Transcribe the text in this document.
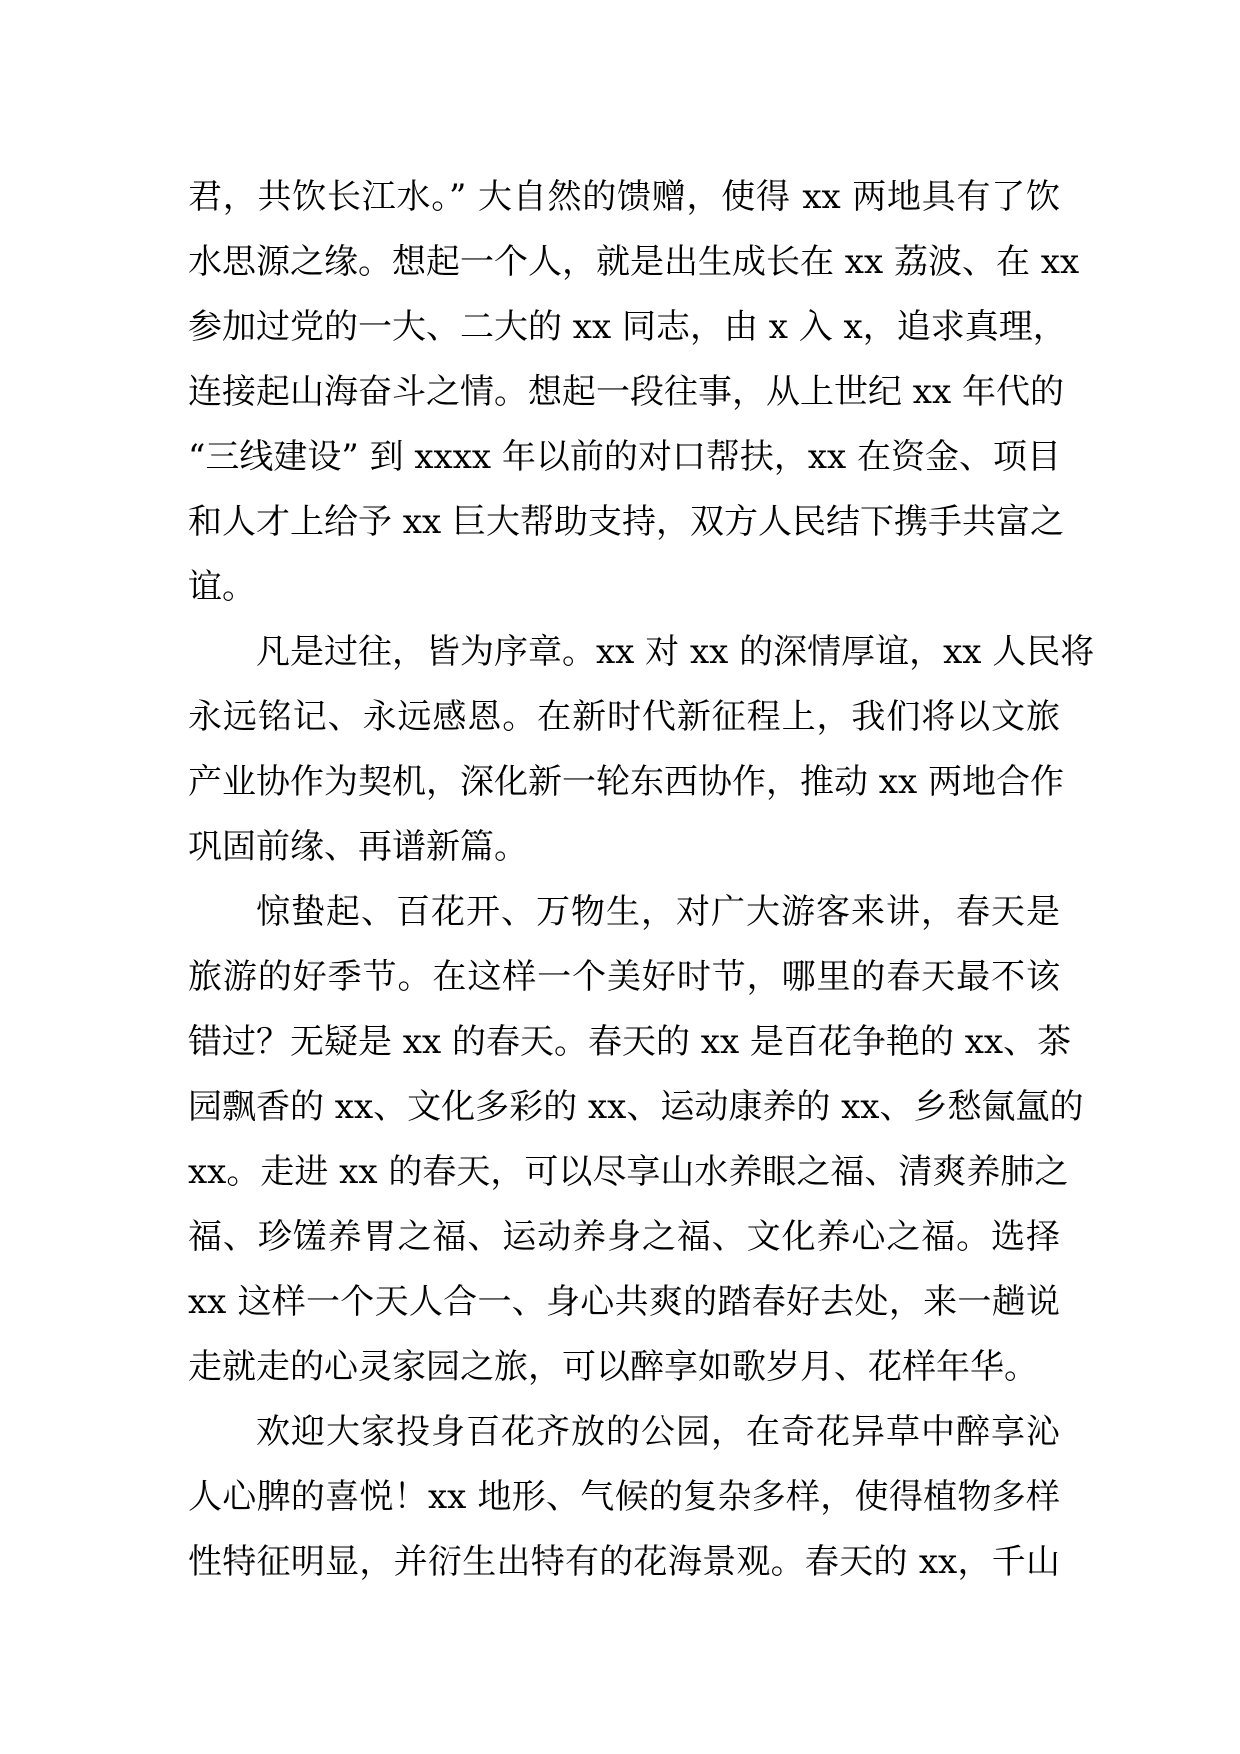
君，共饮长江水。” 大自然的馈赠，使得 xx 两地具有了饮
水思源之缘。想起一个人，就是出生成长在 xx 荔波、在 xx
参加过党的一大、二大的 xx 同志，由 x 入 x，追求真理，
连接起山海奋斗之情。想起一段往事，从上世纪 xx 年代的
“三线建设” 到 xxxx 年以前的对口帮扶，xx 在资金、项目
和人才上给予 xx 巨大帮助支持，双方人民结下携手共富之
谊。
凡是过往，皆为序章。xx 对 xx 的深情厚谊，xx 人民将
永远铭记、永远感恩。在新时代新征程上，我们将以文旅
产业协作为契机，深化新一轮东西协作，推动 xx 两地合作
巩固前缘、再谱新篇。
惊蛰起、百花开、万物生，对广大游客来讲，春天是
旅游的好季节。在这样一个美好时节，哪里的春天最不该
错过？无疑是 xx 的春天。春天的 xx 是百花争艳的 xx、茶
园飘香的 xx、文化多彩的 xx、运动康养的 xx、乡愁氤氲的
xx。走进 xx 的春天，可以尽享山水养眼之福、清爽养肺之
福、珍馐养胃之福、运动养身之福、文化养心之福。选择
xx 这样一个天人合一、身心共爽的踏春好去处，来一趟说
走就走的心灵家园之旅，可以醉享如歌岁月、花样年华。
欢迎大家投身百花齐放的公园，在奇花异草中醉享沁
人心脾的喜悦！xx 地形、气候的复杂多样，使得植物多样
性特征明显，并衍生出特有的花海景观。春天的 xx，千山
